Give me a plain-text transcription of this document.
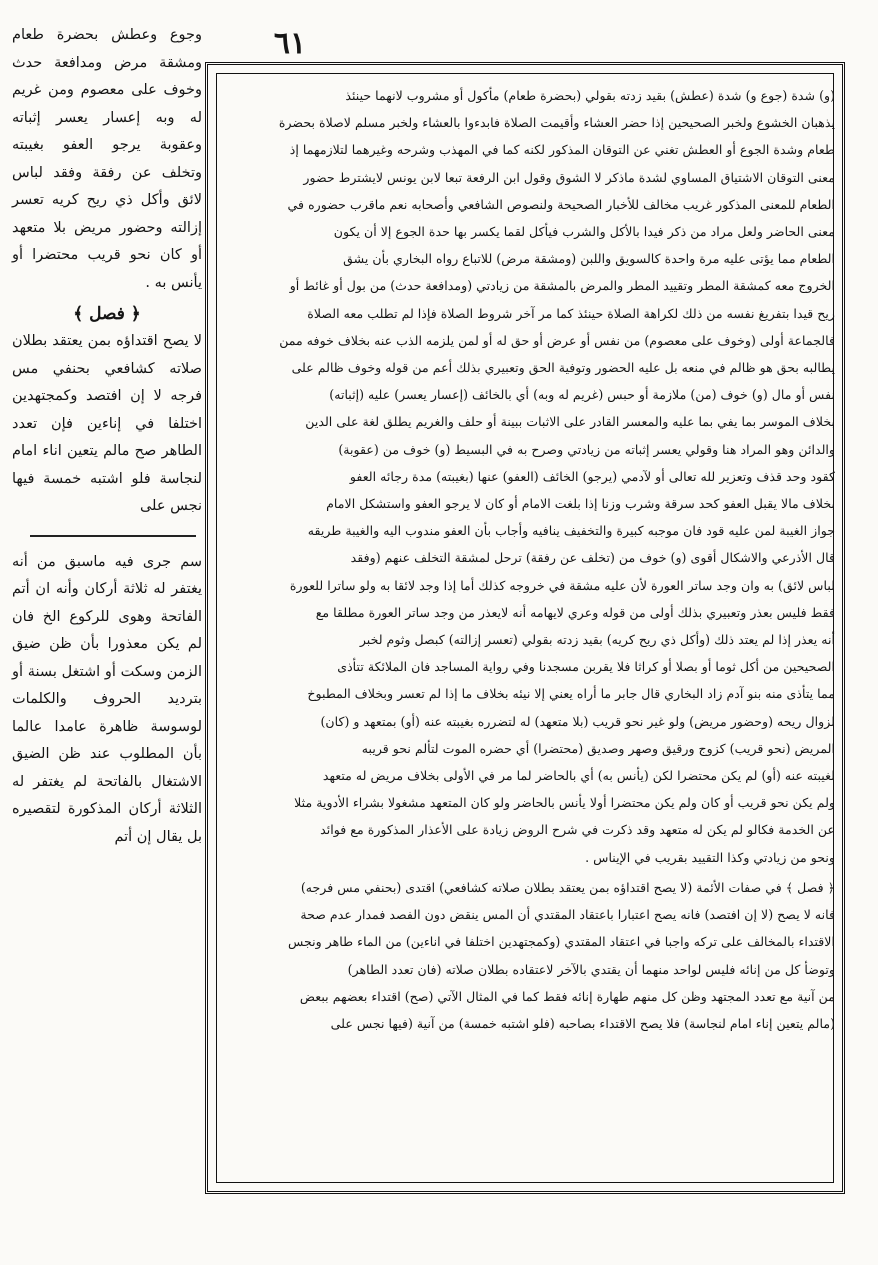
وجوع وعطش بحضرة طعام ومشقة مرض ومدافعة حدث وخوف على معصوم ومن غريم له وبه إعسار يعسر إثباته وعقوبة يرجو العفو بغيبته وتخلف عن رفقة وفقد لباس لائق وأكل ذي ريح كريه تعسر إزالته وحضور مريض بلا متعهد أو كان نحو قريب محتضرا أو يأنس به .
﴿ فصل ﴾
لا يصح اقتداؤه بمن يعتقد بطلان صلاته كشافعي بحنفي مس فرجه لا إن افتصد وكمجتهدين اختلفا في إناءين فإن تعدد الطاهر صح مالم يتعين اناء امام لنجاسة فلو اشتبه خمسة فيها نجس على
سم جرى فيه ماسبق من أنه يغتفر له ثلاثة أركان وأنه ان أتم الفاتحة وهوى للركوع الخ فان لم يكن معذورا بأن ظن ضيق الزمن وسكت أو اشتغل بسنة أو بترديد الحروف والكلمات لوسوسة ظاهرة عامدا عالما بأن المطلوب عند ظن الضيق الاشتغال بالفاتحة لم يغتفر له الثلاثة أركان المذكورة لتقصيره بل يقال إن أتم
٦١

(و) شدة (جوع و) شدة (عطش) بقيد زدته بقولي (بحضرة طعام) مأكول أو مشروب لانهما حينئذ

يذهبان الخشوع ولخبر الصحيحين إذا حضر العشاء وأقيمت الصلاة فابدءوا بالعشاء ولخبر مسلم لاصلاة بحضرة

طعام وشدة الجوع أو العطش تغني عن التوقان المذكور لكنه كما في المهذب وشرحه وغيرهما لتلازمهما إذ

معنى التوقان الاشتياق المساوي لشدة ماذكر لا الشوق وقول ابن الرفعة تبعا لابن يونس لايشترط حضور

الطعام للمعنى المذكور غريب مخالف للأخبار الصحيحة ولنصوص الشافعي وأصحابه نعم ماقرب حضوره في

معنى الحاضر ولعل مراد من ذكر فيدا بالأكل والشرب فيأكل لقما يكسر بها حدة الجوع إلا أن يكون

الطعام مما يؤتى عليه مرة واحدة كالسويق واللبن (ومشقة مرض) للاتباع رواه البخاري بأن يشق

الخروج معه كمشقة المطر وتقييد المطر والمرض بالمشقة من زيادتي (ومدافعة حدث) من بول أو غائط أو

ريح قيدا بتفريغ نفسه من ذلك لكراهة الصلاة حينئذ كما مر آخر شروط الصلاة فإذا لم تطلب معه الصلاة

فالجماعة أولى (وخوف على معصوم) من نفس أو عرض أو حق له أو لمن يلزمه الذب عنه بخلاف خوفه ممن

يطالبه بحق هو ظالم في منعه بل عليه الحضور وتوفية الحق وتعبيري بذلك أعم من قوله وخوف ظالم على

نفس أو مال (و) خوف (من) ملازمة أو حبس (غريم له وبه) أي بالخائف (إعسار يعسر) عليه (إثباته)

بخلاف الموسر بما يفي بما عليه والمعسر القادر على الاثبات ببينة أو حلف والغريم يطلق لغة على الدين

والدائن وهو المراد هنا وقولي يعسر إثباته من زيادتي وصرح به في البسيط (و) خوف من (عقوبة)

كقود وحد قذف وتعزير لله تعالى أو لآدمي (يرجو) الخائف (العفو) عنها (بغيبته) مدة رجائه العفو

بخلاف مالا يقبل العفو كحد سرقة وشرب وزنا إذا بلغت الامام أو كان لا يرجو العفو واستشكل الامام

جواز الغيبة لمن عليه قود فان موجبه كبيرة والتخفيف ينافيه وأجاب بأن العفو مندوب اليه والغيبة طريقه

قال الأذرعي والاشكال أقوى (و) خوف من (تخلف عن رفقة) ترحل لمشقة التخلف عنهم (وفقد

لباس لائق) به وان وجد ساتر العورة لأن عليه مشقة في خروجه كذلك أما إذا وجد لائقا به ولو ساترا للعورة

فقط فليس بعذر وتعبيري بذلك أولى من قوله وعري لايهامه أنه لايعذر من وجد ساتر العورة مطلقا مع

أنه يعذر إذا لم يعتد ذلك (وأكل ذي ريح كريه) بقيد زدته بقولي (تعسر إزالته) كبصل وثوم لخبر

الصحيحين من أكل ثوما أو بصلا أو كراثا فلا يقربن مسجدنا وفي رواية المساجد فان الملائكة تتأذى

مما يتأذى منه بنو آدم زاد البخاري قال جابر ما أراه يعني إلا نيئه بخلاف ما إذا لم تعسر وبخلاف المطبوخ

لزوال ريحه (وحضور مريض) ولو غير نحو قريب (بلا متعهد) له لتضرره بغيبته عنه (أو) بمتعهد و (كان)

المريض (نحو قريب) كزوج ورقيق وصهر وصديق (محتضرا) أي حضره الموت لتألم نحو قريبه

لغيبته عنه (أو) لم يكن محتضرا لكن (يأنس به) أي بالحاضر لما مر في الأولى بخلاف مريض له متعهد

ولم يكن نحو قريب أو كان ولم يكن محتضرا أولا يأنس بالحاضر ولو كان المتعهد مشغولا بشراء الأدوية مثلا

عن الخدمة فكالو لم يكن له متعهد وقد ذكرت في شرح الروض زيادة على الأعذار المذكورة مع فوائد

ونحو من زيادتي وكذا التقييد بقريب في الإيناس .

﴿ فصل ﴾ في صفات الأئمة (لا يصح اقتداؤه بمن يعتقد بطلان صلاته كشافعي) اقتدى (بحنفي مس فرجه)

فانه لا يصح (لا إن افتصد) فانه يصح اعتبارا باعتقاد المقتدي أن المس ينقض دون الفصد فمدار عدم صحة

الاقتداء بالمخالف على تركه واجبا في اعتقاد المقتدي (وكمجتهدين اختلفا في اناءين) من الماء طاهر ونجس

وتوضأ كل من إنائه فليس لواحد منهما أن يقتدي بالآخر لاعتقاده بطلان صلاته (فان تعدد الطاهر)

من آنية مع تعدد المجتهد وظن كل منهم طهارة إنائه فقط كما في المثال الآتي (صح) اقتداء بعضهم ببعض

(مالم يتعين إناء امام لنجاسة) فلا يصح الاقتداء بصاحبه (فلو اشتبه خمسة) من آنية (فيها نجس على
